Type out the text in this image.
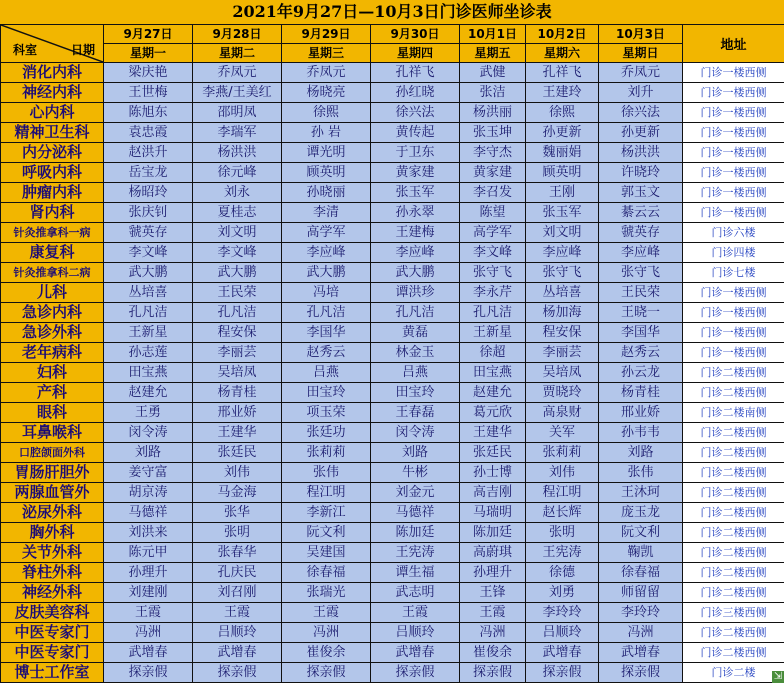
2021年9月27日—10月3日门诊医师坐诊表
科室 日期	9月27日	9月28日	9月29日	9月30日	10月1日	10月2日	10月3日	地址
	星期一	星期二	星期三	星期四	星期五	星期六	星期日	
消化内科	梁庆艳	乔凤元	乔凤元	孔祥飞	武健	孔祥飞	乔凤元	门诊一楼西侧
神经内科	王世梅	李燕/王美红	杨晓亮	孙红晓	张洁	王建玲	刘升	门诊一楼西侧
心内科	陈旭东	邵明凤	徐熙	徐兴法	杨洪丽	徐熙	徐兴法	门诊一楼西侧
精神卫生科	袁忠霞	李瑞军	孙 岩	黄传起	张玉坤	孙更新	孙更新	门诊一楼西侧
内分泌科	赵洪升	杨洪洪	谭光明	于卫东	李守杰	魏丽娟	杨洪洪	门诊一楼西侧
呼吸内科	岳宝龙	徐元峰	顾英明	黄家建	黄家建	顾英明	许晓玲	门诊一楼西侧
肿瘤内科	杨昭玲	刘永	孙晓丽	张玉军	李召发	王刚	郭玉文	门诊一楼西侧
肾内科	张庆钊	夏桂志	李清	孙永翠	陈望	张玉军	綦云云	门诊一楼西侧
针灸推拿科一病	虢英存	刘文明	高学军	王建梅	高学军	刘文明	虢英存	门诊六楼
康复科	李文峰	李文峰	李应峰	李应峰	李文峰	李应峰	李应峰	门诊四楼
针灸推拿科二病	武大鹏	武大鹏	武大鹏	武大鹏	张守飞	张守飞	张守飞	门诊七楼
儿科	丛培喜	王民荣	冯培	谭洪珍	李永芹	丛培喜	王民荣	门诊一楼西侧
急诊内科	孔凡洁	孔凡洁	孔凡洁	孔凡洁	孔凡洁	杨加海	王晓一	门诊一楼西侧
急诊外科	王新星	程安保	李国华	黄磊	王新星	程安保	李国华	门诊一楼西侧
老年病科	孙志莲	李丽芸	赵秀云	林金玉	徐超	李丽芸	赵秀云	门诊一楼西侧
妇科	田宝燕	吴培凤	吕燕	吕燕	田宝燕	吴培凤	孙云龙	门诊二楼西侧
产科	赵建允	杨青桂	田宝玲	田宝玲	赵建允	贾晓玲	杨青桂	门诊二楼西侧
眼科	王勇	邢业娇	项玉荣	王春磊	葛元欣	高泉财	邢业娇	门诊二楼南侧
耳鼻喉科	闵令涛	王建华	张廷功	闵令涛	王建华	关军	孙韦韦	门诊二楼西侧
口腔颌面外科	刘路	张廷民	张莉莉	刘路	张廷民	张莉莉	刘路	门诊二楼西侧
胃肠肝胆外	姜守富	刘伟	张伟	牛彬	孙士博	刘伟	张伟	门诊二楼西侧
两腺血管外	胡京涛	马金海	程江明	刘金元	高吉刚	程江明	王沐珂	门诊二楼西侧
泌尿外科	马德祥	张华	李新江	马德祥	马瑞明	赵长辉	庞玉龙	门诊二楼西侧
胸外科	刘洪来	张明	阮文利	陈加廷	陈加廷	张明	阮文利	门诊二楼西侧
关节外科	陈元甲	张春华	吴建国	王宪涛	高蔚琪	王宪涛	鞠凯	门诊二楼西侧
脊柱外科	孙理升	孔庆民	徐春福	谭生福	孙理升	徐德	徐春福	门诊二楼西侧
神经外科	刘建刚	刘召刚	张瑞光	武志明	王锋	刘勇	师留留	门诊二楼西侧
皮肤美容科	王霞	王霞	王霞	王霞	王霞	李玲玲	李玲玲	门诊三楼西侧
中医专家门	冯洲	吕顺玲	冯洲	吕顺玲	冯洲	吕顺玲	冯洲	门诊二楼西侧
中医专家门	武增春	武增春	崔俊余	武增春	崔俊余	武增春	武增春	门诊二楼西侧
博士工作室	探亲假	探亲假	探亲假	探亲假	探亲假	探亲假	探亲假	门诊二楼 ⇲
